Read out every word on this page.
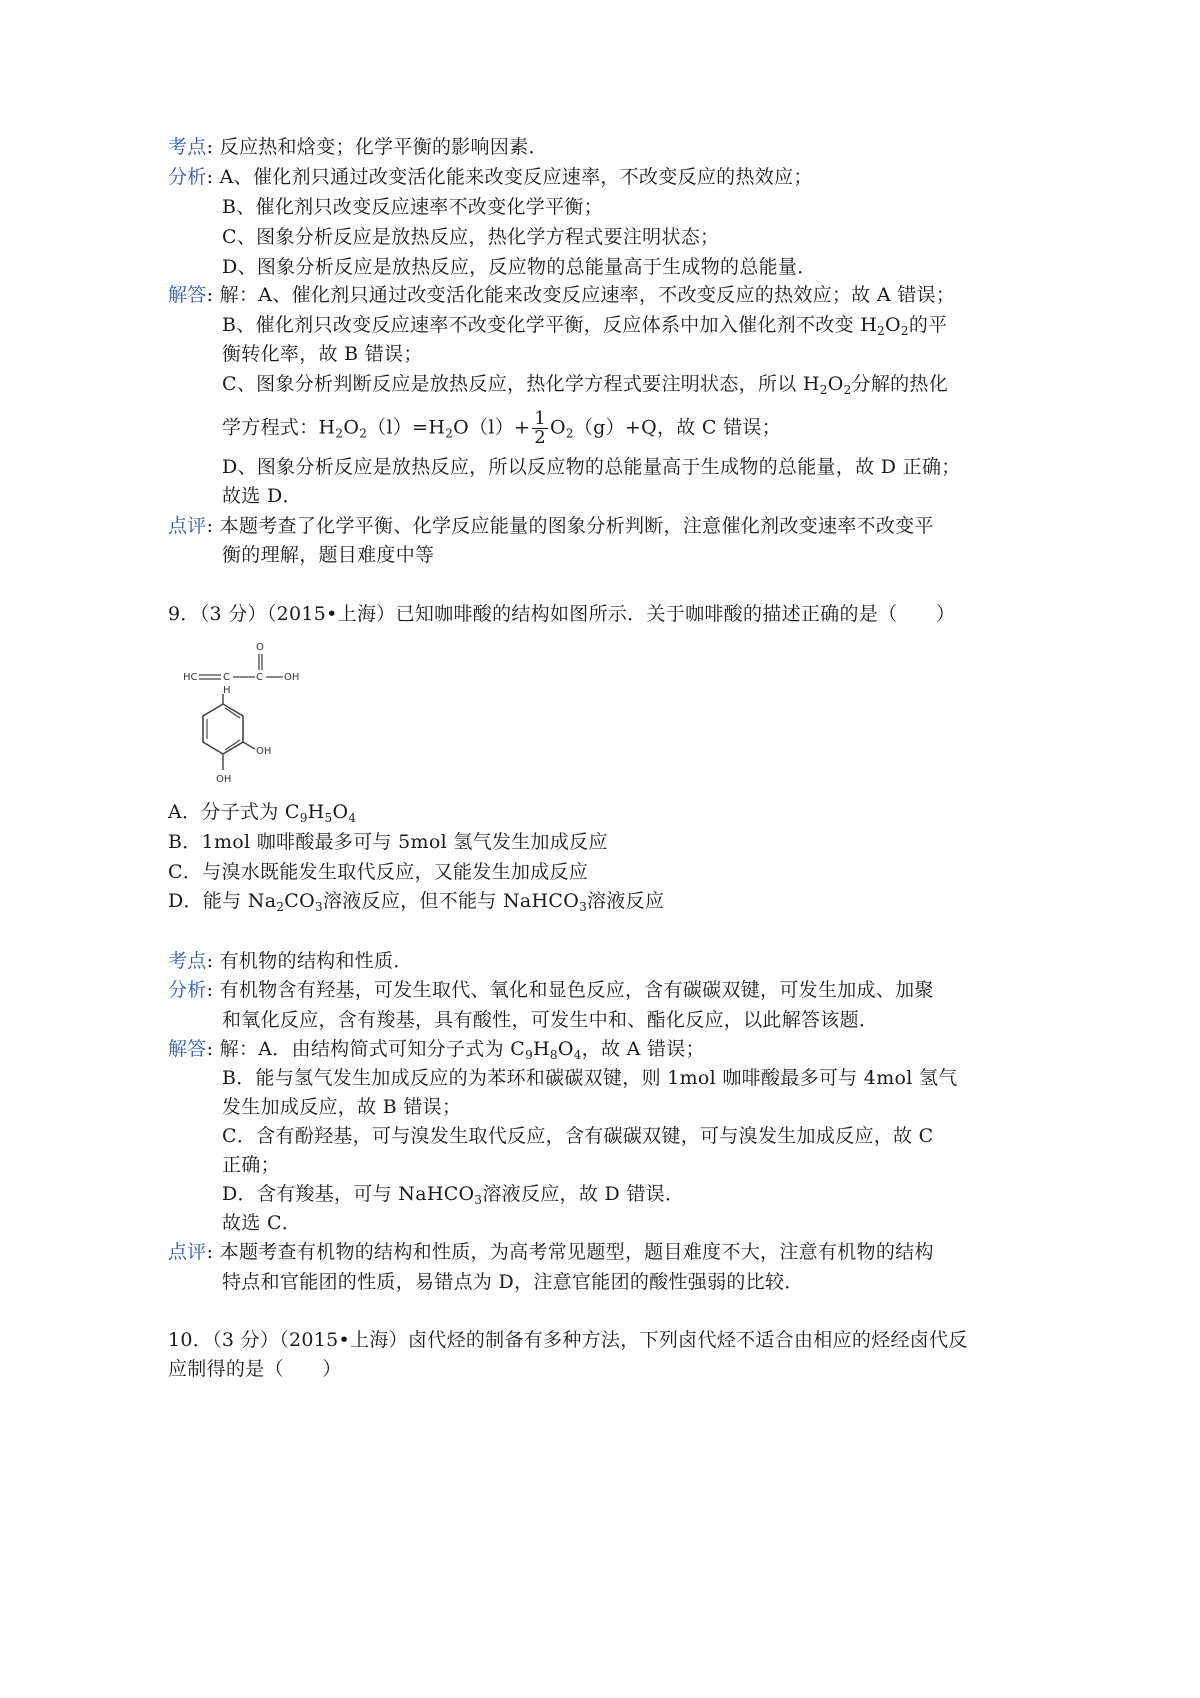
考点: 反应热和焓变；化学平衡的影响因素．
分析: A、催化剂只通过改变活化能来改变反应速率，不改变反应的热效应；
B、催化剂只改变反应速率不改变化学平衡；
C、图象分析反应是放热反应，热化学方程式要注明状态；
D、图象分析反应是放热反应，反应物的总能量高于生成物的总能量．
解答: 解：A、催化剂只通过改变活化能来改变反应速率，不改变反应的热效应；故 A 错误；
B、催化剂只改变反应速率不改变化学平衡，反应体系中加入催化剂不改变 $H_2O_2$的平
衡转化率，故 B 错误；
C、图象分析判断反应是放热反应，热化学方程式要注明状态，所以 $H_2O_2$分解的热化
学方程式：$H_2O_2(l)=H_2O(l)+ \frac{1}{2} O_2(g)+Q$，故 C 错误；
D、图象分析反应是放热反应，所以反应物的总能量高于生成物的总能量，故 D 正确；
故选 D．
点评: 本题考查了化学平衡、化学反应能量的图象分析判断，注意催化剂改变速率不改变平
衡的理解，题目难度中等
9．（3 分）（2015•上海）已知咖啡酸的结构如图所示．关于咖啡酸的描述正确的是（　　）
OH
OH
HC	C
H
C
O
OH
A．分子式为 $C_9H_5O_4$
B．1mol 咖啡酸最多可与 5mol 氢气发生加成反应
C．与溴水既能发生取代反应，又能发生加成反应
D．能与 $Na_2CO_3$溶液反应，但不能与 NaHCO$_3$溶液反应
考点: 有机物的结构和性质．
分析: 有机物含有羟基，可发生取代、氧化和显色反应，含有碳碳双键，可发生加成、加聚
和氧化反应，含有羧基，具有酸性，可发生中和、酯化反应，以此解答该题．
解答: 解：A．由结构简式可知分子式为 $C_9H_8O_4$，故 A 错误；
B．能与氢气发生加成反应的为苯环和碳碳双键，则 1mol 咖啡酸最多可与 4mol 氢气
发生加成反应，故 B 错误；
C．含有酚羟基，可与溴发生取代反应，含有碳碳双键，可与溴发生加成反应，故 C
正确；
D．含有羧基，可与 NaHCO$_3$溶液反应，故 D 错误．
故选 C．
点评: 本题考查有机物的结构和性质，为高考常见题型，题目难度不大，注意有机物的结构
特点和官能团的性质，易错点为 D，注意官能团的酸性强弱的比较．
10．（3 分）（2015•上海）卤代烃的制备有多种方法，下列卤代烃不适合由相应的烃经卤代反
应制得的是（　　）
